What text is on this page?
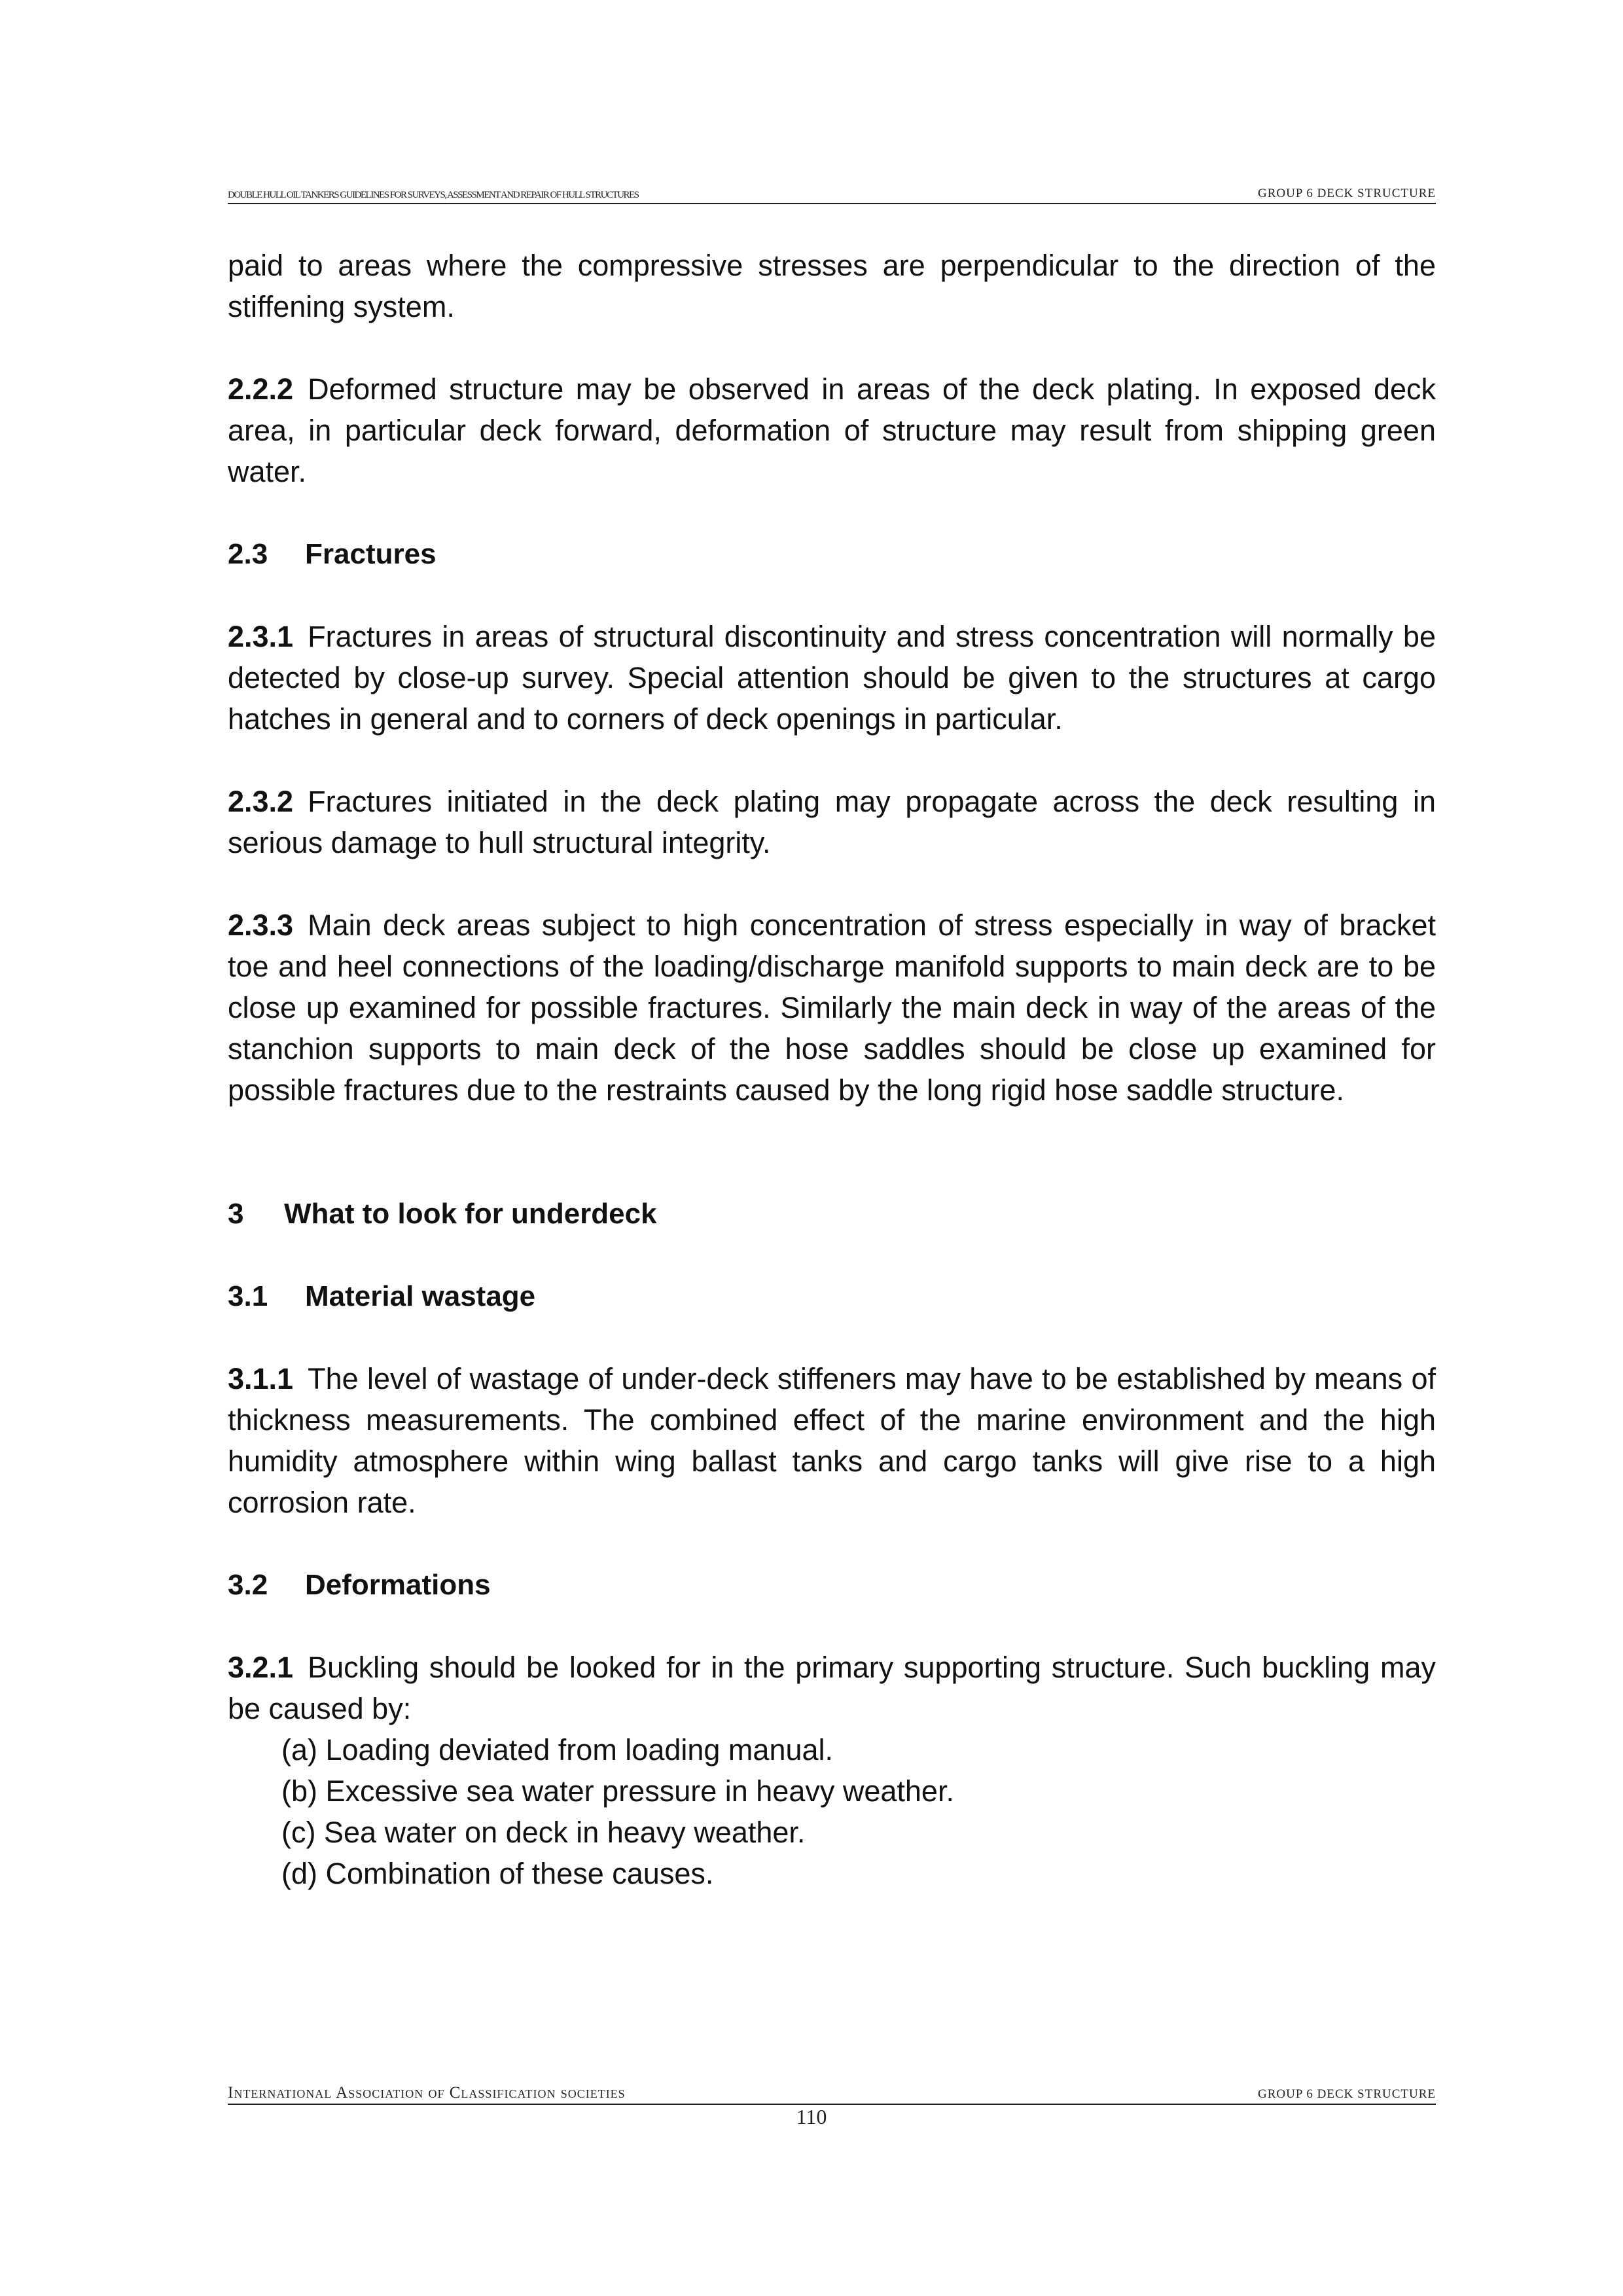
DOUBLE HULL OIL TANKERS GUIDELINES FOR SURVEYS, ASSESSMENT AND REPAIR OF HULL STRUCTURES	GROUP 6 DECK STRUCTURE

paid to areas where the compressive stresses are perpendicular to the direction of the stiffening system.

2.2.2 Deformed structure may be observed in areas of the deck plating. In exposed deck area, in particular deck forward, deformation of structure may result from shipping green water.

2.3 Fractures

2.3.1 Fractures in areas of structural discontinuity and stress concentration will normally be detected by close-up survey. Special attention should be given to the structures at cargo hatches in general and to corners of deck openings in particular.

2.3.2 Fractures initiated in the deck plating may propagate across the deck resulting in serious damage to hull structural integrity.

2.3.3 Main deck areas subject to high concentration of stress especially in way of bracket toe and heel connections of the loading/discharge manifold supports to main deck are to be close up examined for possible fractures. Similarly the main deck in way of the areas of the stanchion supports to main deck of the hose saddles should be close up examined for possible fractures due to the restraints caused by the long rigid hose saddle structure.

3 What to look for underdeck
3.1 Material wastage

3.1.1 The level of wastage of under-deck stiffeners may have to be established by means of thickness measurements. The combined effect of the marine environment and the high humidity atmosphere within wing ballast tanks and cargo tanks will give rise to a high corrosion rate.

3.2 Deformations

3.2.1 Buckling should be looked for in the primary supporting structure. Such buckling may be caused by:

(a) Loading deviated from loading manual.
(b) Excessive sea water pressure in heavy weather.
(c) Sea water on deck in heavy weather.
(d) Combination of these causes.
International Association of Classification societies	GROUP 6 DECK STRUCTURE
110
